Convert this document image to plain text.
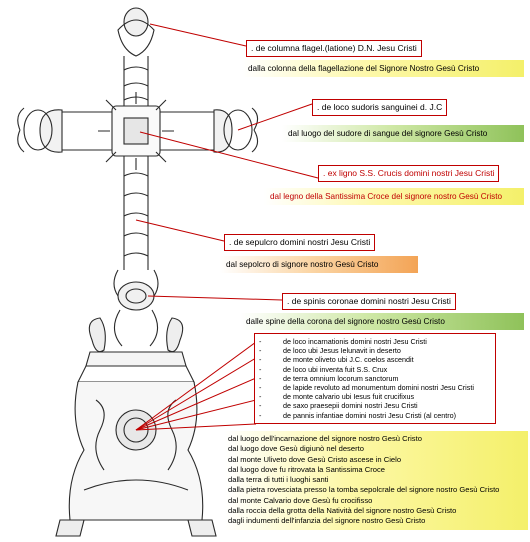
. de columna flagel.(latione) D.N. Jesu Cristi
dalla colonna della flagellazione del Signore Nostro Gesù Cristo
. de loco sudoris sanguinei d. J.C
dal luogo del sudore di sangue del signore Gesù Cristo
. ex ligno S.S. Crucis domini nostri Jesu Cristi
dal legno della Santissima Croce del signore nostro Gesù Cristo
. de sepulcro domini nostri Jesu Cristi
dal sepolcro di signore nostro Gesù Cristo
. de spinis coronae domini nostri Jesu Cristi
dalle spine della corona del signore nostro Gesù Cristo
-	de loco incarnationis domini nostri Jesu Cristi
-	de loco ubi Jesus Ielunavit in deserto
-	de monte oliveto ubi J.C. coelos ascendit
-	de loco ubi inventa fuit S.S. Crux
-	de terra omnium locorum sanctorum
-	de lapide revoluto ad monumentum domini nostri Jesu Cristi
-	de monte calvario ubi Iesus fuit crucifixus
-	de saxo praesepii domini nostri Jesu Cristi
-	de pannis infantiae domini nostri Jesu Cristi (al centro)
dal luogo dell'incarnazione del signore nostro Gesù Cristo
dal luogo dove Gesù digiunò nel deserto
dal monte Uliveto dove Gesù Cristo ascese in Cielo
dal luogo dove fu ritrovata la Santissima Croce
dalla terra di tutti i luoghi santi
dalla pietra rovesciata presso la tomba sepolcrale del signore nostro Gesù Cristo
dal monte Calvario dove Gesù fu crocifisso
dalla roccia della grotta della Natività del signore nostro Gesù Cristo
dagli indumenti dell'infanzia del signore nostro Gesù Cristo
